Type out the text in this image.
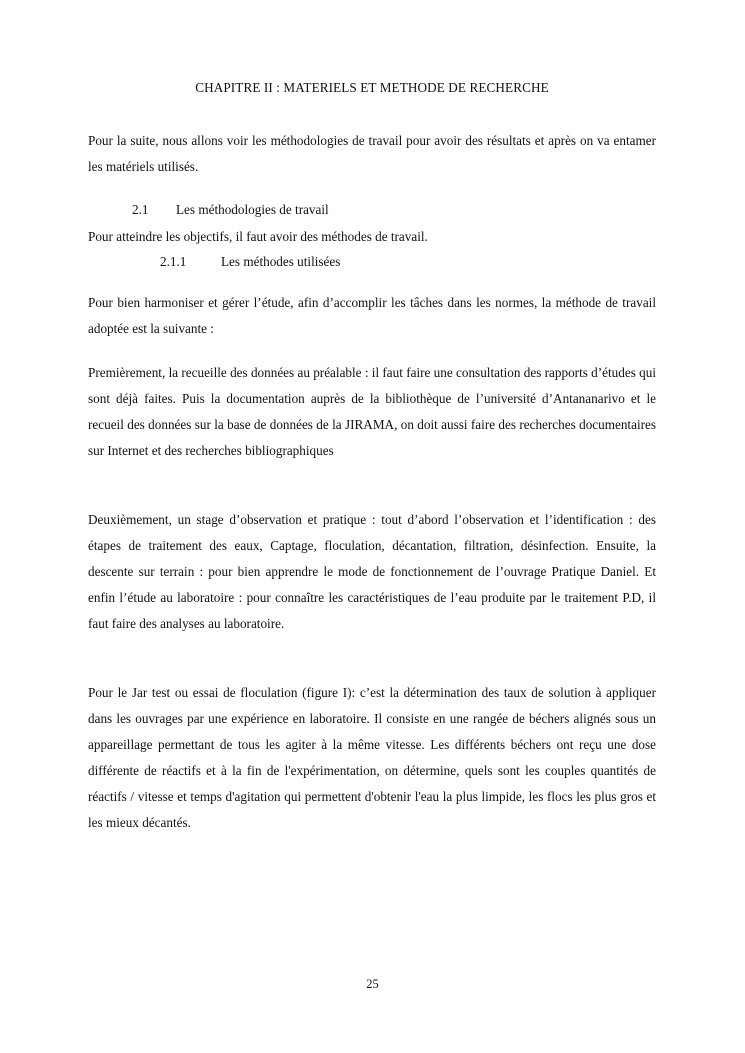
CHAPITRE II : MATERIELS ET METHODE DE RECHERCHE

Pour la suite, nous allons voir les méthodologies de travail pour avoir des résultats et après on va entamer les matériels utilisés.

2.1 Les méthodologies de travail
Pour atteindre les objectifs, il faut avoir des méthodes de travail.
2.1.1	Les méthodes utilisées

Pour bien harmoniser et gérer l’étude, afin d’accomplir les tâches dans les normes, la méthode de travail adoptée est la suivante :

Premièrement, la recueille des données au préalable : il faut faire une consultation des rapports d’études qui sont déjà faites. Puis la documentation auprès de la bibliothèque de l’université d’Antananarivo et le recueil des données sur la base de données de la JIRAMA, on doit aussi faire des recherches documentaires sur Internet et des recherches bibliographiques

Deuxièmement, un stage d’observation et pratique : tout d’abord l’observation et l’identification : des étapes de traitement des eaux, Captage, floculation, décantation, filtration, désinfection. Ensuite, la descente sur terrain : pour bien apprendre le mode de fonctionnement de l’ouvrage Pratique Daniel. Et enfin l’étude au laboratoire : pour connaître les caractéristiques de l’eau produite par le traitement P.D, il faut faire des analyses au laboratoire.

Pour le Jar test ou essai de floculation (figure I): c’est la détermination des taux de solution à appliquer dans les ouvrages par une expérience en laboratoire. Il consiste en une rangée de béchers alignés sous un appareillage permettant de tous les agiter à la même vitesse. Les différents béchers ont reçu une dose différente de réactifs et à la fin de l'expérimentation, on détermine, quels sont les couples quantités de réactifs / vitesse et temps d'agitation qui permettent d'obtenir l'eau la plus limpide, les flocs les plus gros et les mieux décantés.

25
